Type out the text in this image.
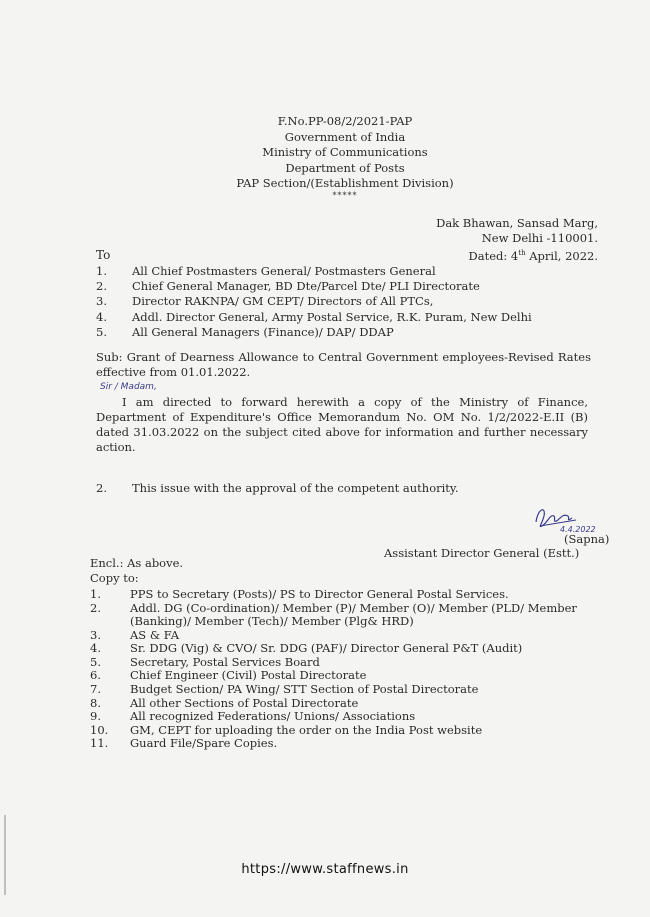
F.No.PP-08/2/2021-PAP
Government of India
Ministry of Communications
Department of Posts
PAP Section/(Establishment Division)
*****
Dak Bhawan, Sansad Marg,
New Delhi -110001.
Dated: 4th April, 2022.
To
1. All Chief Postmasters General/ Postmasters General
2. Chief General Manager, BD Dte/Parcel Dte/ PLI Directorate
3. Director RAKNPA/ GM CEPT/ Directors of All PTCs,
4. Addl. Director General, Army Postal Service, R.K. Puram, New Delhi
5. All General Managers (Finance)/ DAP/ DDAP
Sub: Grant of Dearness Allowance to Central Government employees-Revised Rates effective from 01.01.2022.
Sir / Madam,
I am directed to forward herewith a copy of the Ministry of Finance, Department of Expenditure's Office Memorandum No. OM No. 1/2/2022-E.II (B) dated 31.03.2022 on the subject cited above for information and further necessary action.
2. This issue with the approval of the competent authority.
4.4.2022
(Sapna)
Assistant Director General (Estt.)
Encl.: As above.
Copy to:
1.	PPS to Secretary (Posts)/ PS to Director General Postal Services.
2.	Addl. DG (Co-ordination)/ Member (P)/ Member (O)/ Member (PLD/ Member (Banking)/ Member (Tech)/ Member (Plg& HRD)
3.	AS & FA
4.	Sr. DDG (Vig) & CVO/ Sr. DDG (PAF)/ Director General P&T (Audit)
5.	Secretary, Postal Services Board
6.	Chief Engineer (Civil) Postal Directorate
7.	Budget Section/ PA Wing/ STT Section of Postal Directorate
8.	All other Sections of Postal Directorate
9.	All recognized Federations/ Unions/ Associations
10. GM, CEPT for uploading the order on the India Post website
11. Guard File/Spare Copies.
https://www.staffnews.in
